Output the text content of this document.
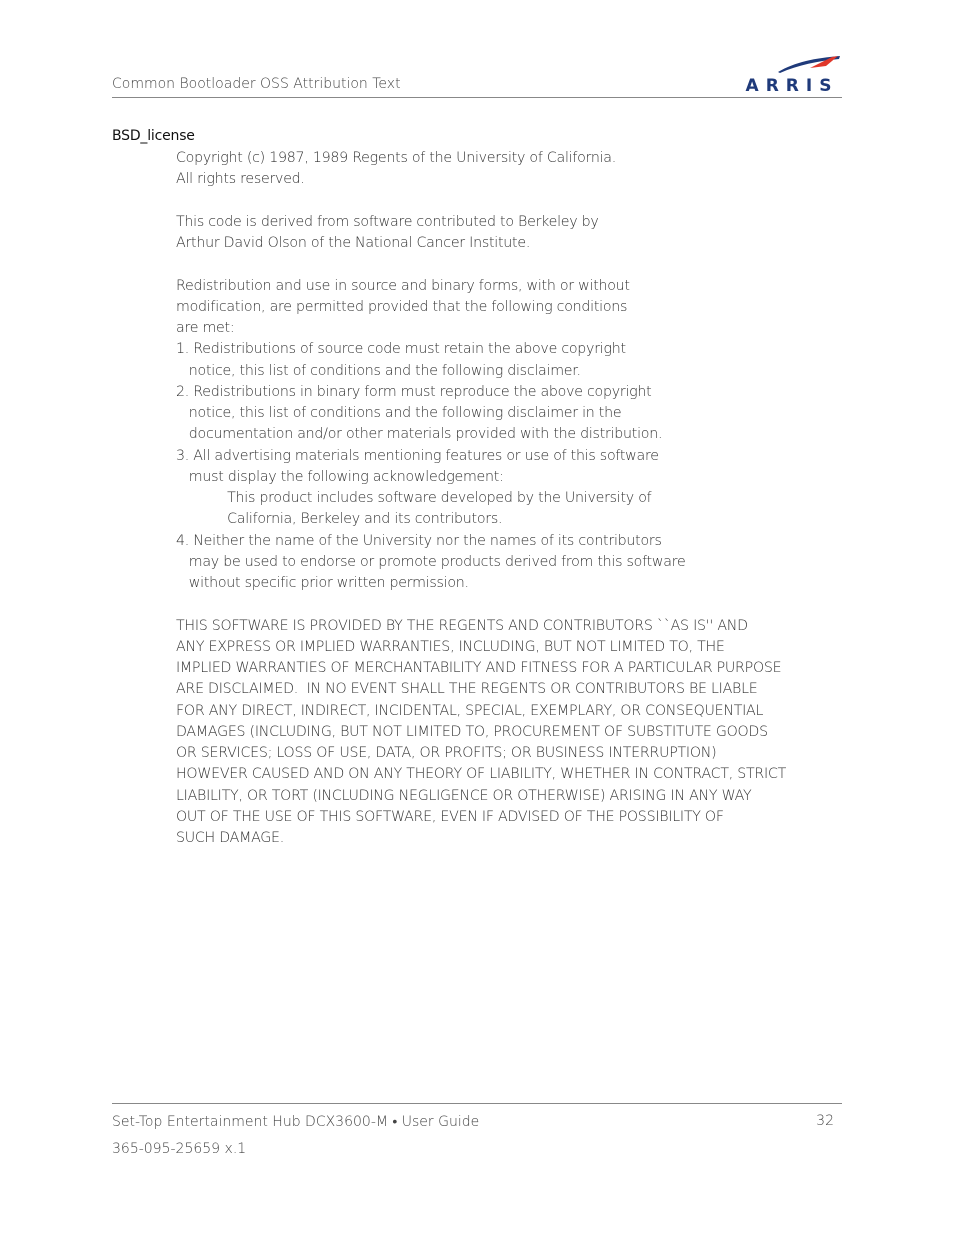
Common Bootloader OSS Attribution Text	ARRIS
BSD_license
Copyright (c) 1987, 1989 Regents of the University of California.
All rights reserved.
This code is derived from software contributed to Berkeley by
Arthur David Olson of the National Cancer Institute.
Redistribution and use in source and binary forms, with or without
modification, are permitted provided that the following conditions
are met:
1. Redistributions of source code must retain the above copyright
notice, this list of conditions and the following disclaimer.
2. Redistributions in binary form must reproduce the above copyright
notice, this list of conditions and the following disclaimer in the
documentation and/or other materials provided with the distribution.
3. All advertising materials mentioning features or use of this software
must display the following acknowledgement:
This product includes software developed by the University of
California, Berkeley and its contributors.
4. Neither the name of the University nor the names of its contributors
may be used to endorse or promote products derived from this software
without specific prior written permission.
THIS SOFTWARE IS PROVIDED BY THE REGENTS AND CONTRIBUTORS ``AS IS'' AND
ANY EXPRESS OR IMPLIED WARRANTIES, INCLUDING, BUT NOT LIMITED TO, THE
IMPLIED WARRANTIES OF MERCHANTABILITY AND FITNESS FOR A PARTICULAR PURPOSE
ARE DISCLAIMED.  IN NO EVENT SHALL THE REGENTS OR CONTRIBUTORS BE LIABLE
FOR ANY DIRECT, INDIRECT, INCIDENTAL, SPECIAL, EXEMPLARY, OR CONSEQUENTIAL
DAMAGES (INCLUDING, BUT NOT LIMITED TO, PROCUREMENT OF SUBSTITUTE GOODS
OR SERVICES; LOSS OF USE, DATA, OR PROFITS; OR BUSINESS INTERRUPTION)
HOWEVER CAUSED AND ON ANY THEORY OF LIABILITY, WHETHER IN CONTRACT, STRICT
LIABILITY, OR TORT (INCLUDING NEGLIGENCE OR OTHERWISE) ARISING IN ANY WAY
OUT OF THE USE OF THIS SOFTWARE, EVEN IF ADVISED OF THE POSSIBILITY OF
SUCH DAMAGE.
Set-Top Entertainment Hub DCX3600-M • User Guide	32
365-095-25659 x.1
